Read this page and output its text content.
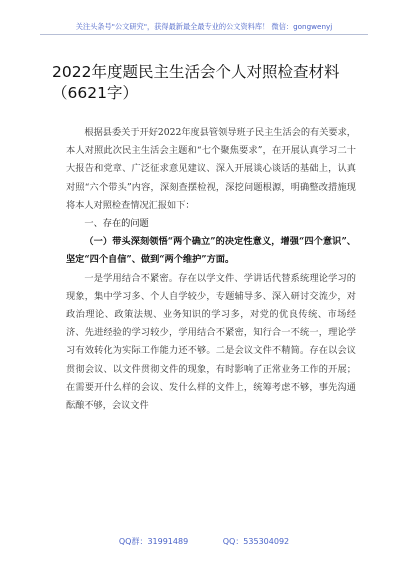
关注头条号"公文研究"，获得最新最全最专业的公文资料库！ 微信：gongwenyj
2022年度题民主生活会个人对照检查材料（6621字）

根据县委关于开好2022年度县管领导班子民主生活会的有关要求，本人对照此次民主生活会主题和“七个聚焦要求”，在开展认真学习二十大报告和党章、广泛征求意见建议、深入开展谈心谈话的基础上，认真对照“六个带头”内容，深刻查摆检视，深挖问题根源，明确整改措施现将本人对照检查情况汇报如下：

一、存在的问题

（一）带头深刻领悟“两个确立”的决定性意义，增强“四个意识”、坚定“四个自信”、做到“两个维护”方面。

一是学用结合不紧密。存在以学文件、学讲话代替系统理论学习的现象，集中学习多、个人自学较少，专题辅导多、深入研讨交流少，对政治理论、政策法规、业务知识的学习多，对党的优良传统、市场经济、先进经验的学习较少，学用结合不紧密，知行合一不统一，理论学习有效转化为实际工作能力还不够。二是会议文件不精简。存在以会议贯彻会议、以文件贯彻文件的现象，有时影响了正常业务工作的开展；在需要开什么样的会议、发什么样的文件上，统筹考虑不够，事先沟通酝酿不够，会议文件

QQ群：31991489	QQ：535304092
